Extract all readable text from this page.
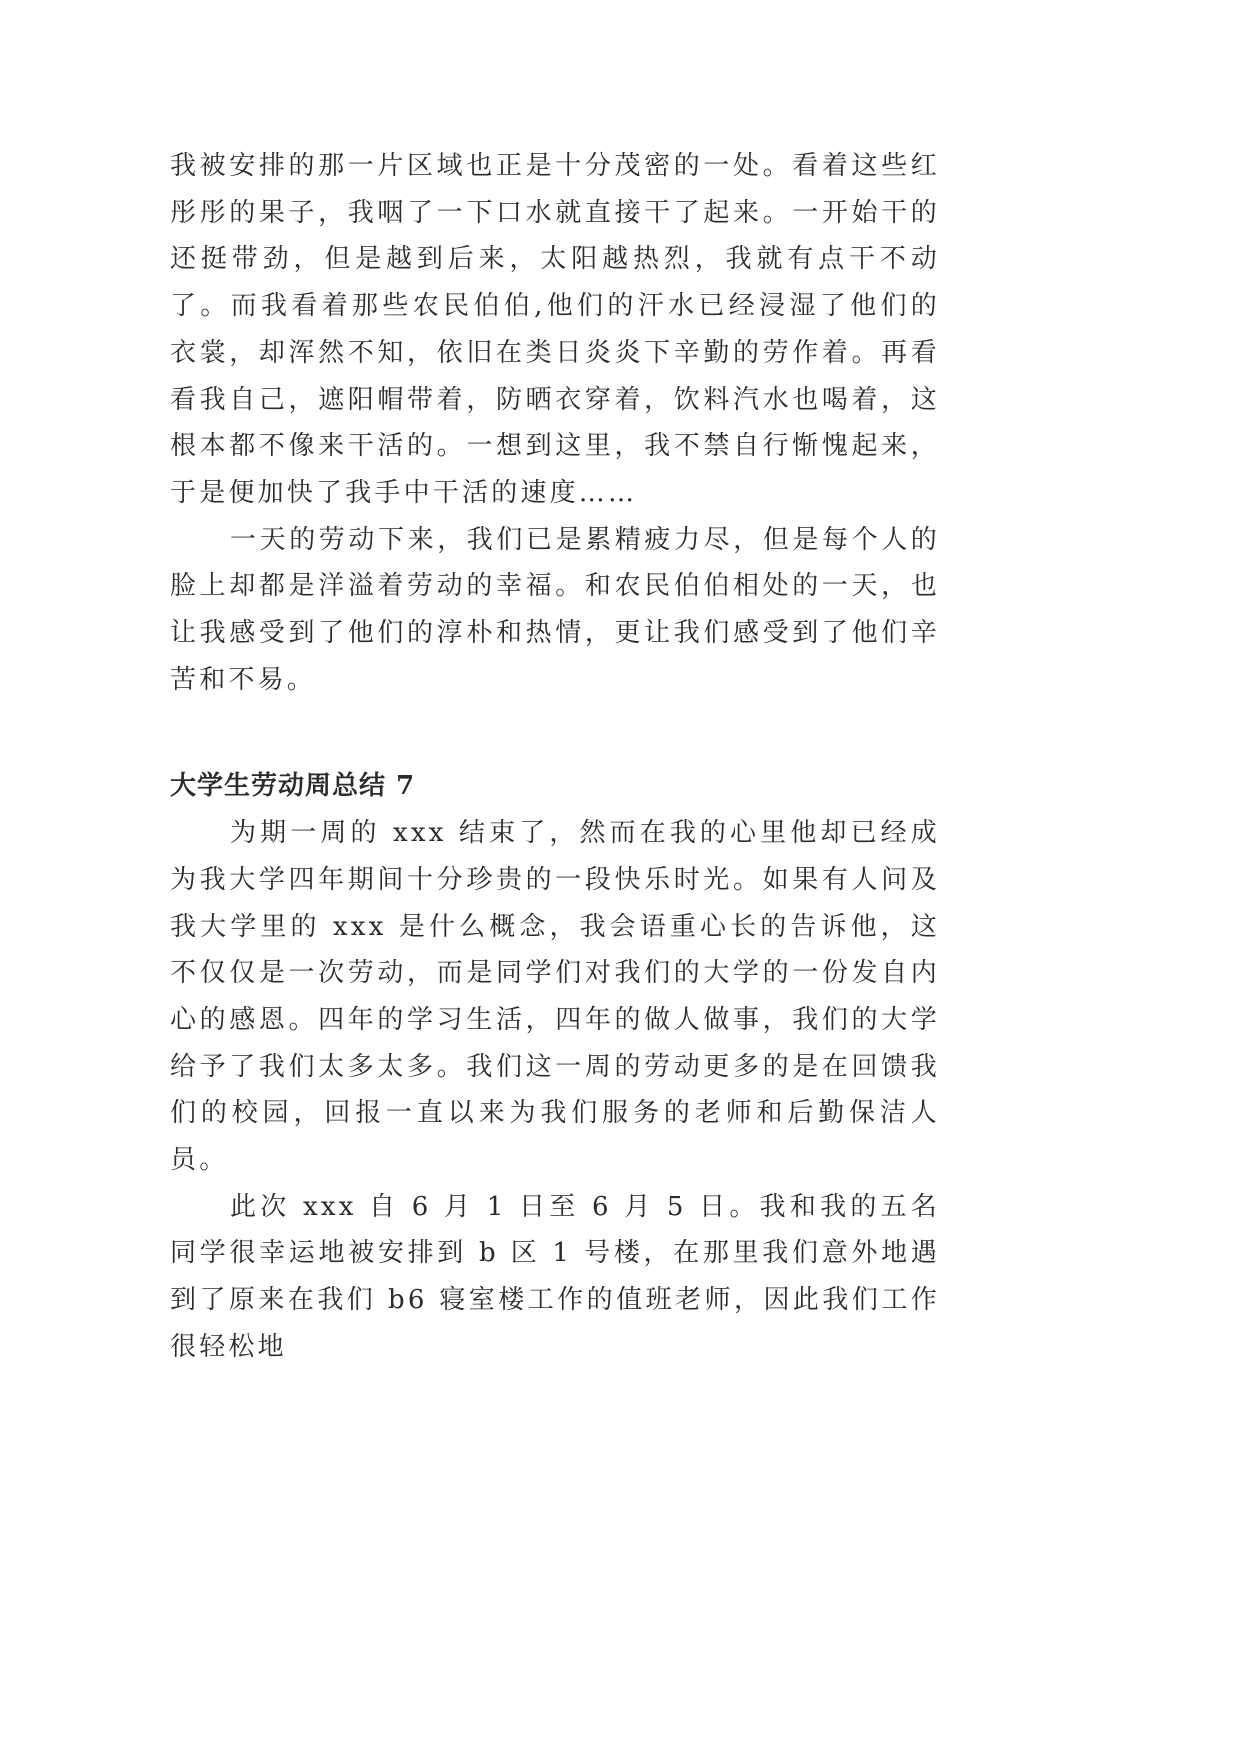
我被安排的那一片区域也正是十分茂密的一处。看着这些红彤彤的果子，我咽了一下口水就直接干了起来。一开始干的还挺带劲，但是越到后来，太阳越热烈，我就有点干不动了。而我看着那些农民伯伯,他们的汗水已经浸湿了他们的衣裳，却浑然不知，依旧在类日炎炎下辛勤的劳作着。再看看我自己，遮阳帽带着，防晒衣穿着，饮料汽水也喝着，这根本都不像来干活的。一想到这里，我不禁自行惭愧起来，于是便加快了我手中干活的速度……

一天的劳动下来，我们已是累精疲力尽，但是每个人的脸上却都是洋溢着劳动的幸福。和农民伯伯相处的一天，也让我感受到了他们的淳朴和热情，更让我们感受到了他们辛苦和不易。

大学生劳动周总结 7

为期一周的 xxx 结束了，然而在我的心里他却已经成为我大学四年期间十分珍贵的一段快乐时光。如果有人问及我大学里的 xxx 是什么概念，我会语重心长的告诉他，这不仅仅是一次劳动，而是同学们对我们的大学的一份发自内心的感恩。四年的学习生活，四年的做人做事，我们的大学给予了我们太多太多。我们这一周的劳动更多的是在回馈我们的校园，回报一直以来为我们服务的老师和后勤保洁人员。

此次 xxx 自 6 月 1 日至 6 月 5 日。我和我的五名同学很幸运地被安排到 b 区 1 号楼，在那里我们意外地遇到了原来在我们 b6 寝室楼工作的值班老师，因此我们工作很轻松地
